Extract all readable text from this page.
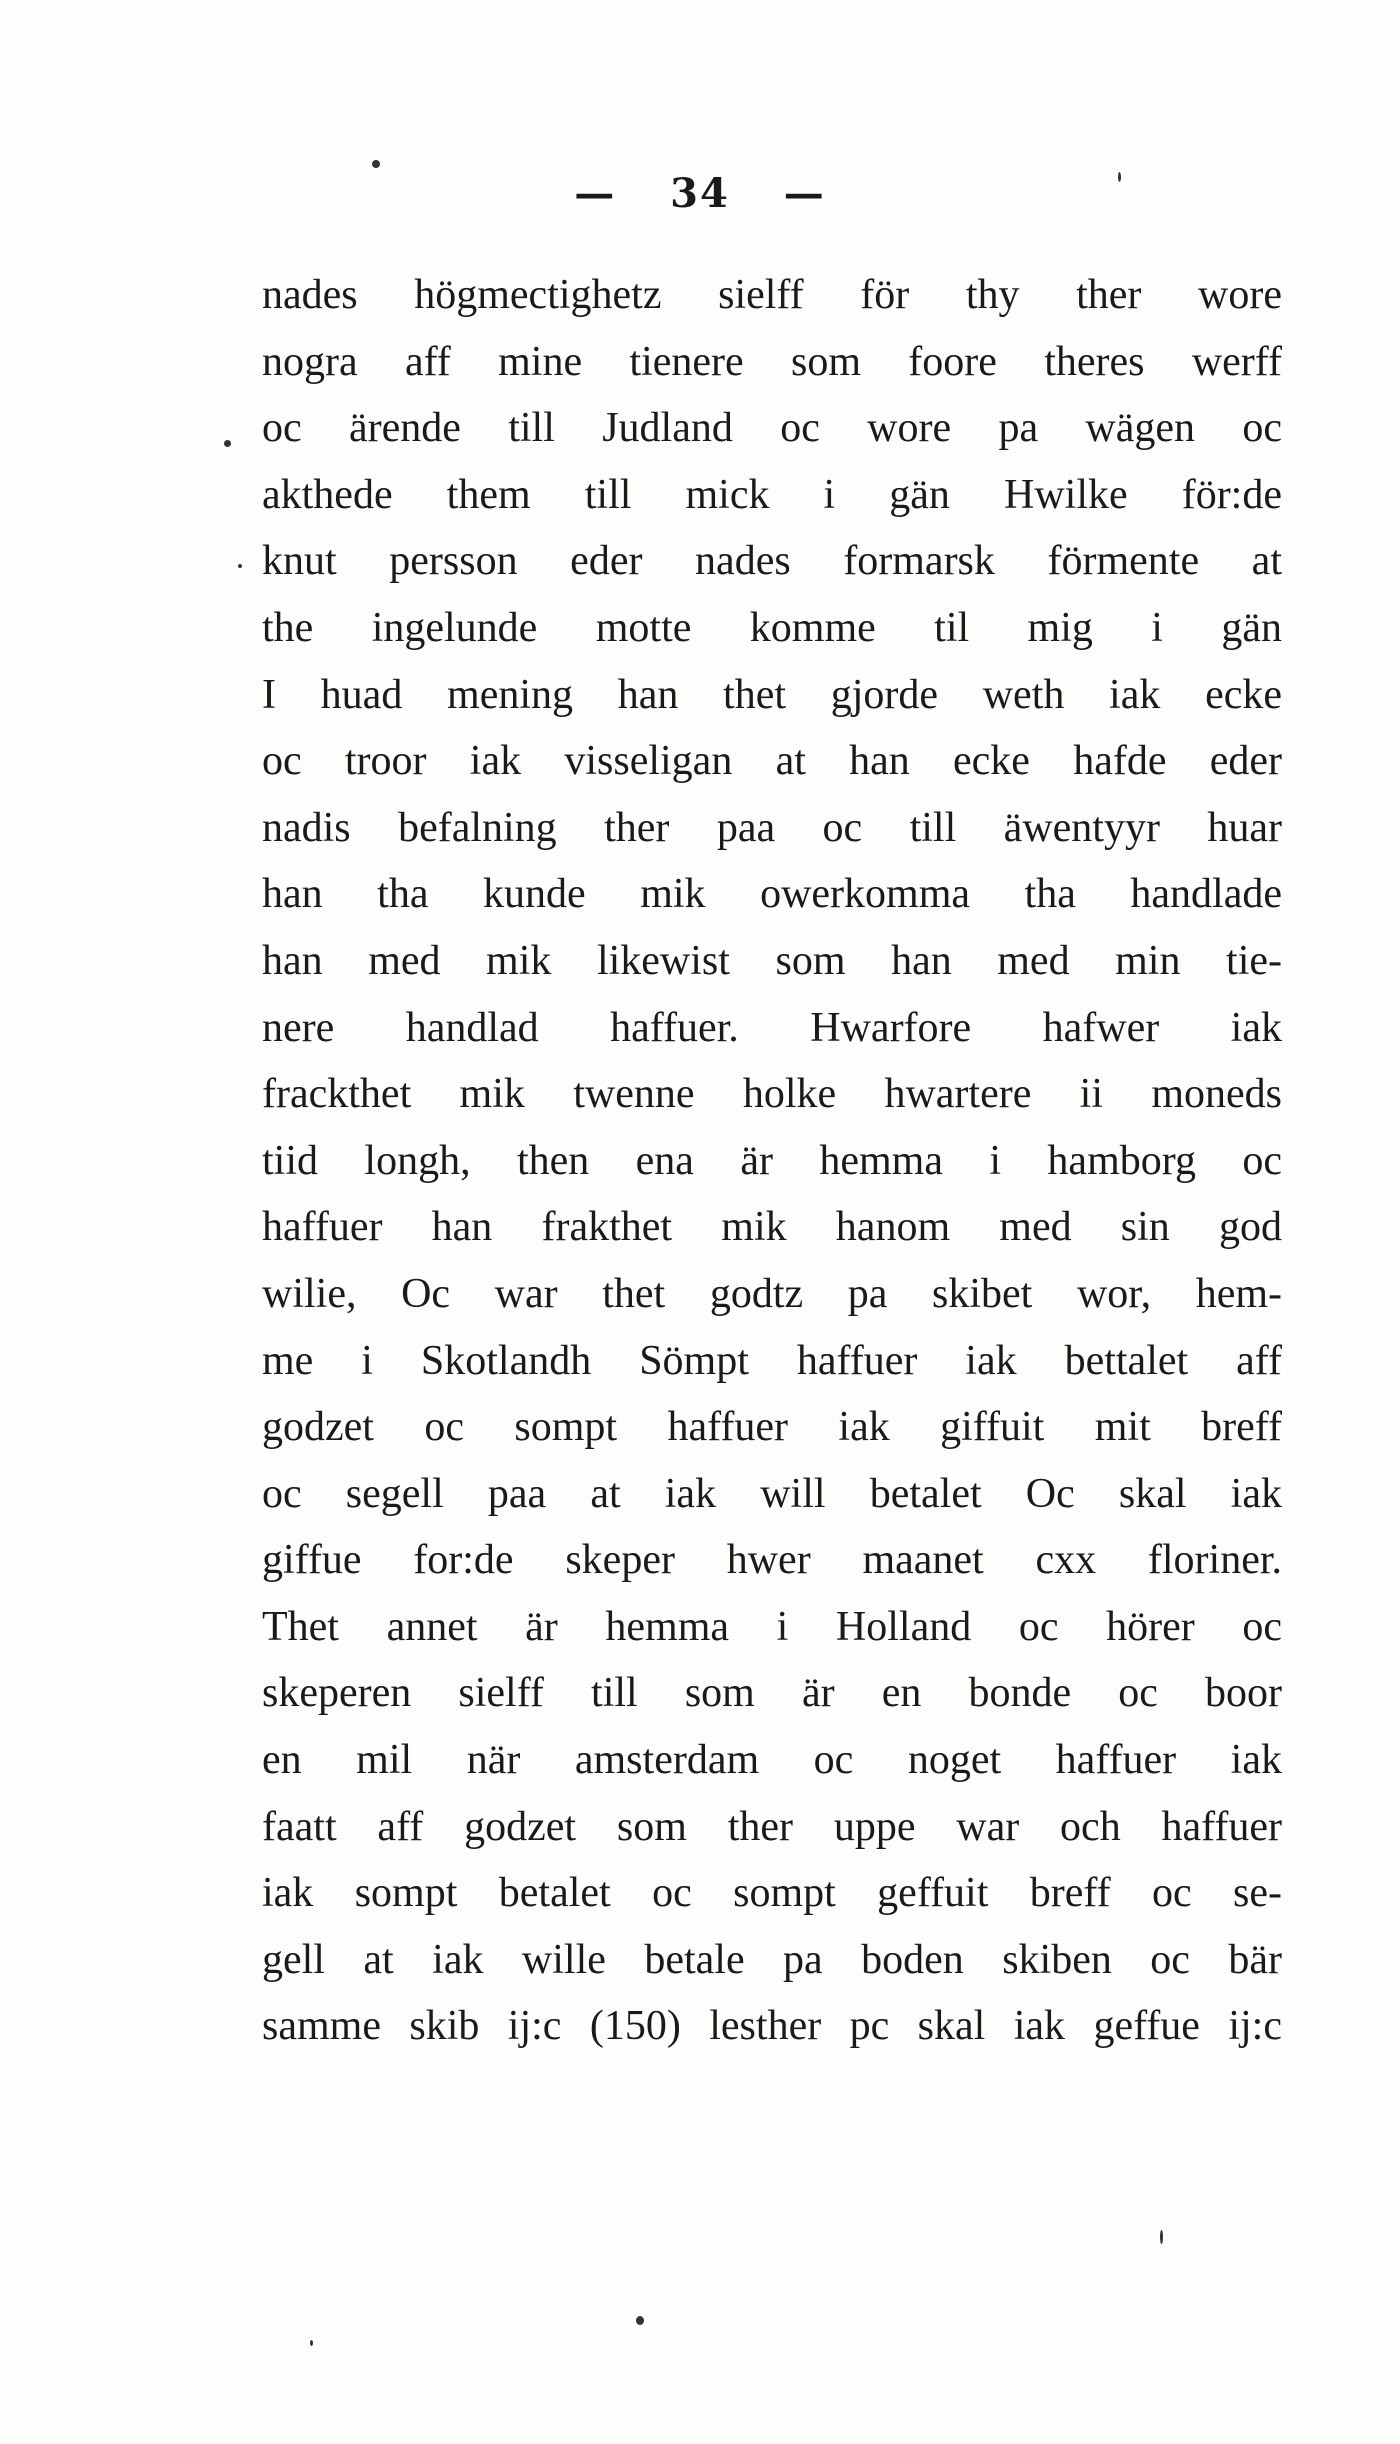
— 34 —
nades högmectighetz sielff för thy ther wore
nogra aff mine tienere som foore theres werff
oc ärende till Judland oc wore pa wägen oc
akthede them till mick i gän Hwilke för:de
knut persson eder nades formarsk förmente at
the ingelunde motte komme til mig i gän
I huad mening han thet gjorde weth iak ecke
oc troor iak visseligan at han ecke hafde eder
nadis befalning ther paa oc till äwentyyr huar
han tha kunde mik owerkomma tha handlade
han med mik likewist som han med min tie-
nere handlad haffuer. Hwarfore hafwer iak
frackthet mik twenne holke hwartere ii moneds
tiid longh, then ena är hemma i hamborg oc
haffuer han frakthet mik hanom med sin god
wilie, Oc war thet godtz pa skibet wor, hem-
me i Skotlandh Sömpt haffuer iak bettalet aff
godzet oc sompt haffuer iak giffuit mit breff
oc segell paa at iak will betalet Oc skal iak
giffue for:de skeper hwer maanet cxx floriner.
Thet annet är hemma i Holland oc hörer oc
skeperen sielff till som är en bonde oc boor
en mil när amsterdam oc noget haffuer iak
faatt aff godzet som ther uppe war och haffuer
iak sompt betalet oc sompt geffuit breff oc se-
gell at iak wille betale pa boden skiben oc bär
samme skib ij:c (150) lesther pc skal iak geffue ij:c
